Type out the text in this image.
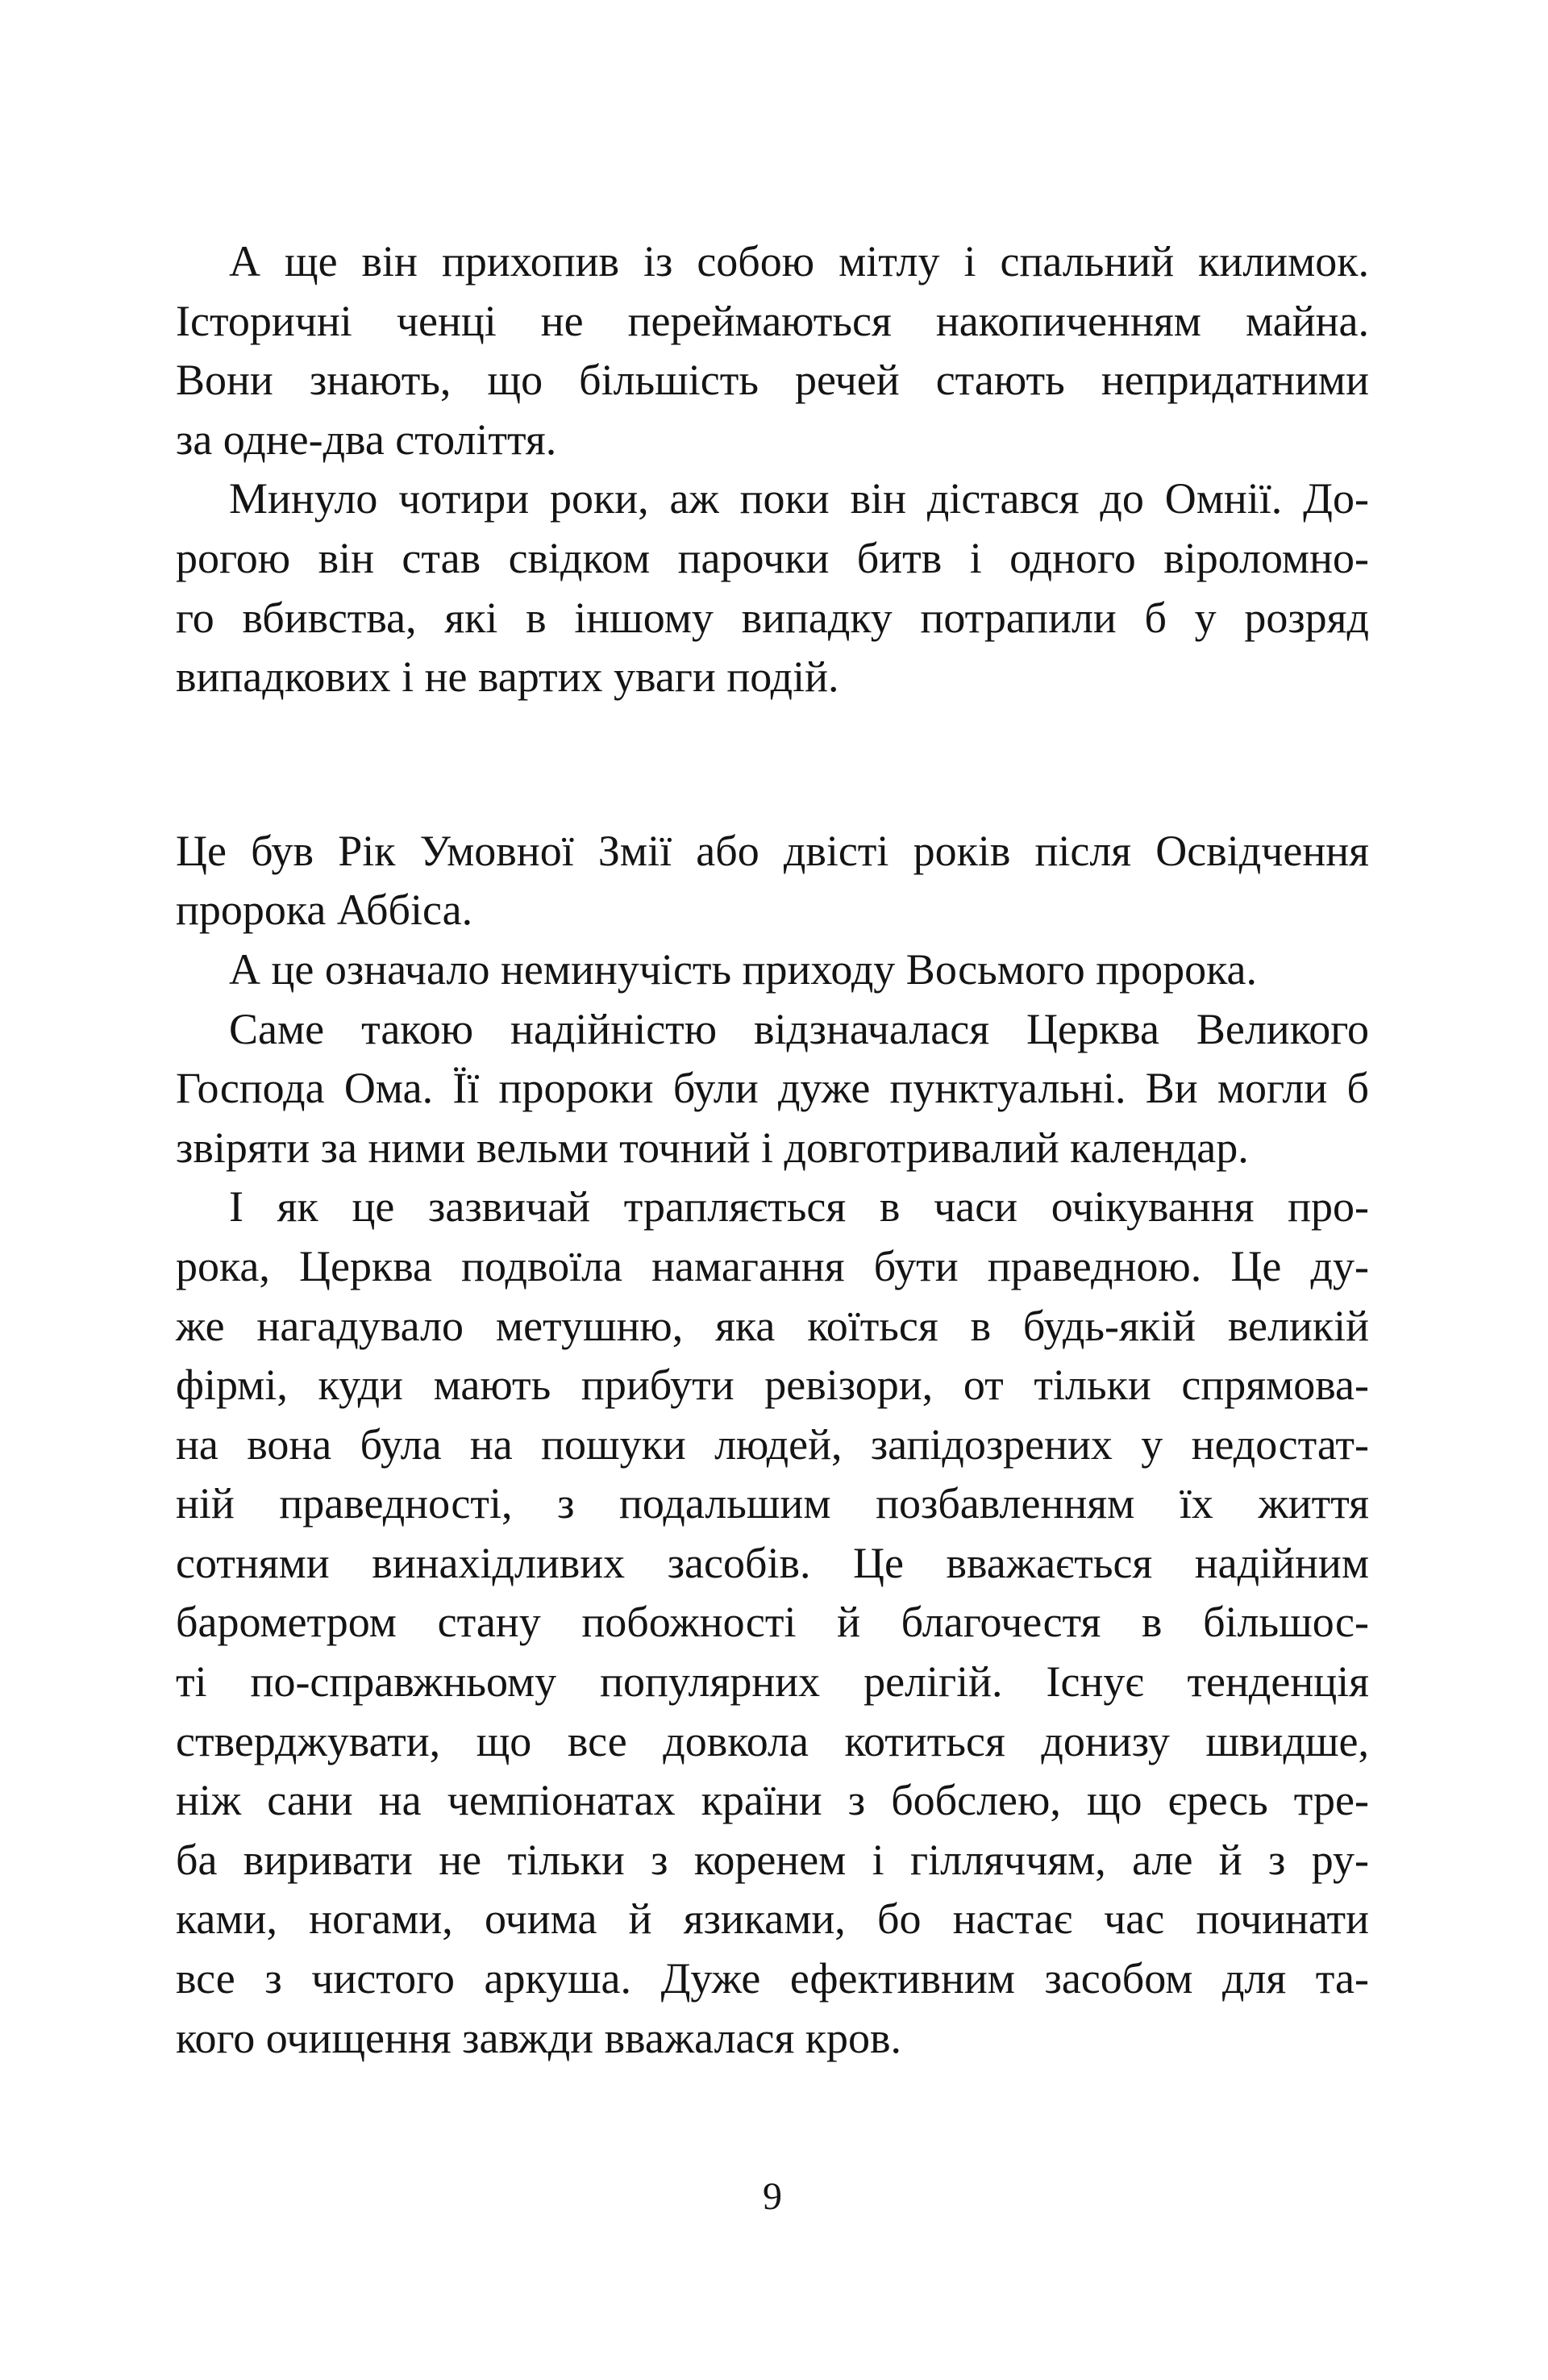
А ще він прихопив із собою мітлу і спальний килимок.
Історичні ченці не переймаються накопиченням майна.
Вони знають, що більшість речей стають непридатними
за одне-два століття.
Минуло чотири роки, аж поки він дістався до Омнії. До-
рогою він став свідком парочки битв і одного віроломно-
го вбивства, які в іншому випадку потрапили б у розряд
випадкових і не вартих уваги подій.
Це був Рік Умовної Змії або двісті років після Освідчення
пророка Аббіса.
А це означало неминучість приходу Восьмого пророка.
Саме такою надійністю відзначалася Церква Великого
Господа Ома. Її пророки були дуже пунктуальні. Ви могли б
звіряти за ними вельми точний і довготривалий календар.
І як це зазвичай трапляється в часи очікування про-
рока, Церква подвоїла намагання бути праведною. Це ду-
же нагадувало метушню, яка коїться в будь-якій великій
фірмі, куди мають прибути ревізори, от тільки спрямова-
на вона була на пошуки людей, запідозрених у недостат-
ній праведності, з подальшим позбавленням їх життя
сотнями винахідливих засобів. Це вважається надійним
барометром стану побожності й благочестя в більшос-
ті по-справжньому популярних релігій. Існує тенденція
стверджувати, що все довкола котиться донизу швидше,
ніж сани на чемпіонатах країни з бобслею, що єресь тре-
ба виривати не тільки з коренем і гілляччям, але й з ру-
ками, ногами, очима й язиками, бо настає час починати
все з чистого аркуша. Дуже ефективним засобом для та-
кого очищення завжди вважалася кров.
9
